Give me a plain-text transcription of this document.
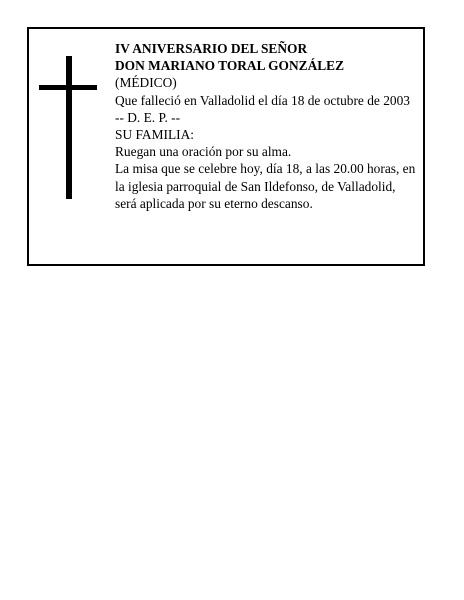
IV ANIVERSARIO DEL SEÑOR
DON MARIANO TORAL GONZÁLEZ
(MÉDICO)
Que falleció en Valladolid el día 18 de octubre de 2003
-- D. E. P. --
SU FAMILIA:
Ruegan una oración por su alma.
La misa que se celebre hoy, día 18, a las 20.00 horas, en
la iglesia parroquial de San Ildefonso, de Valladolid,
será aplicada por su eterno descanso.
